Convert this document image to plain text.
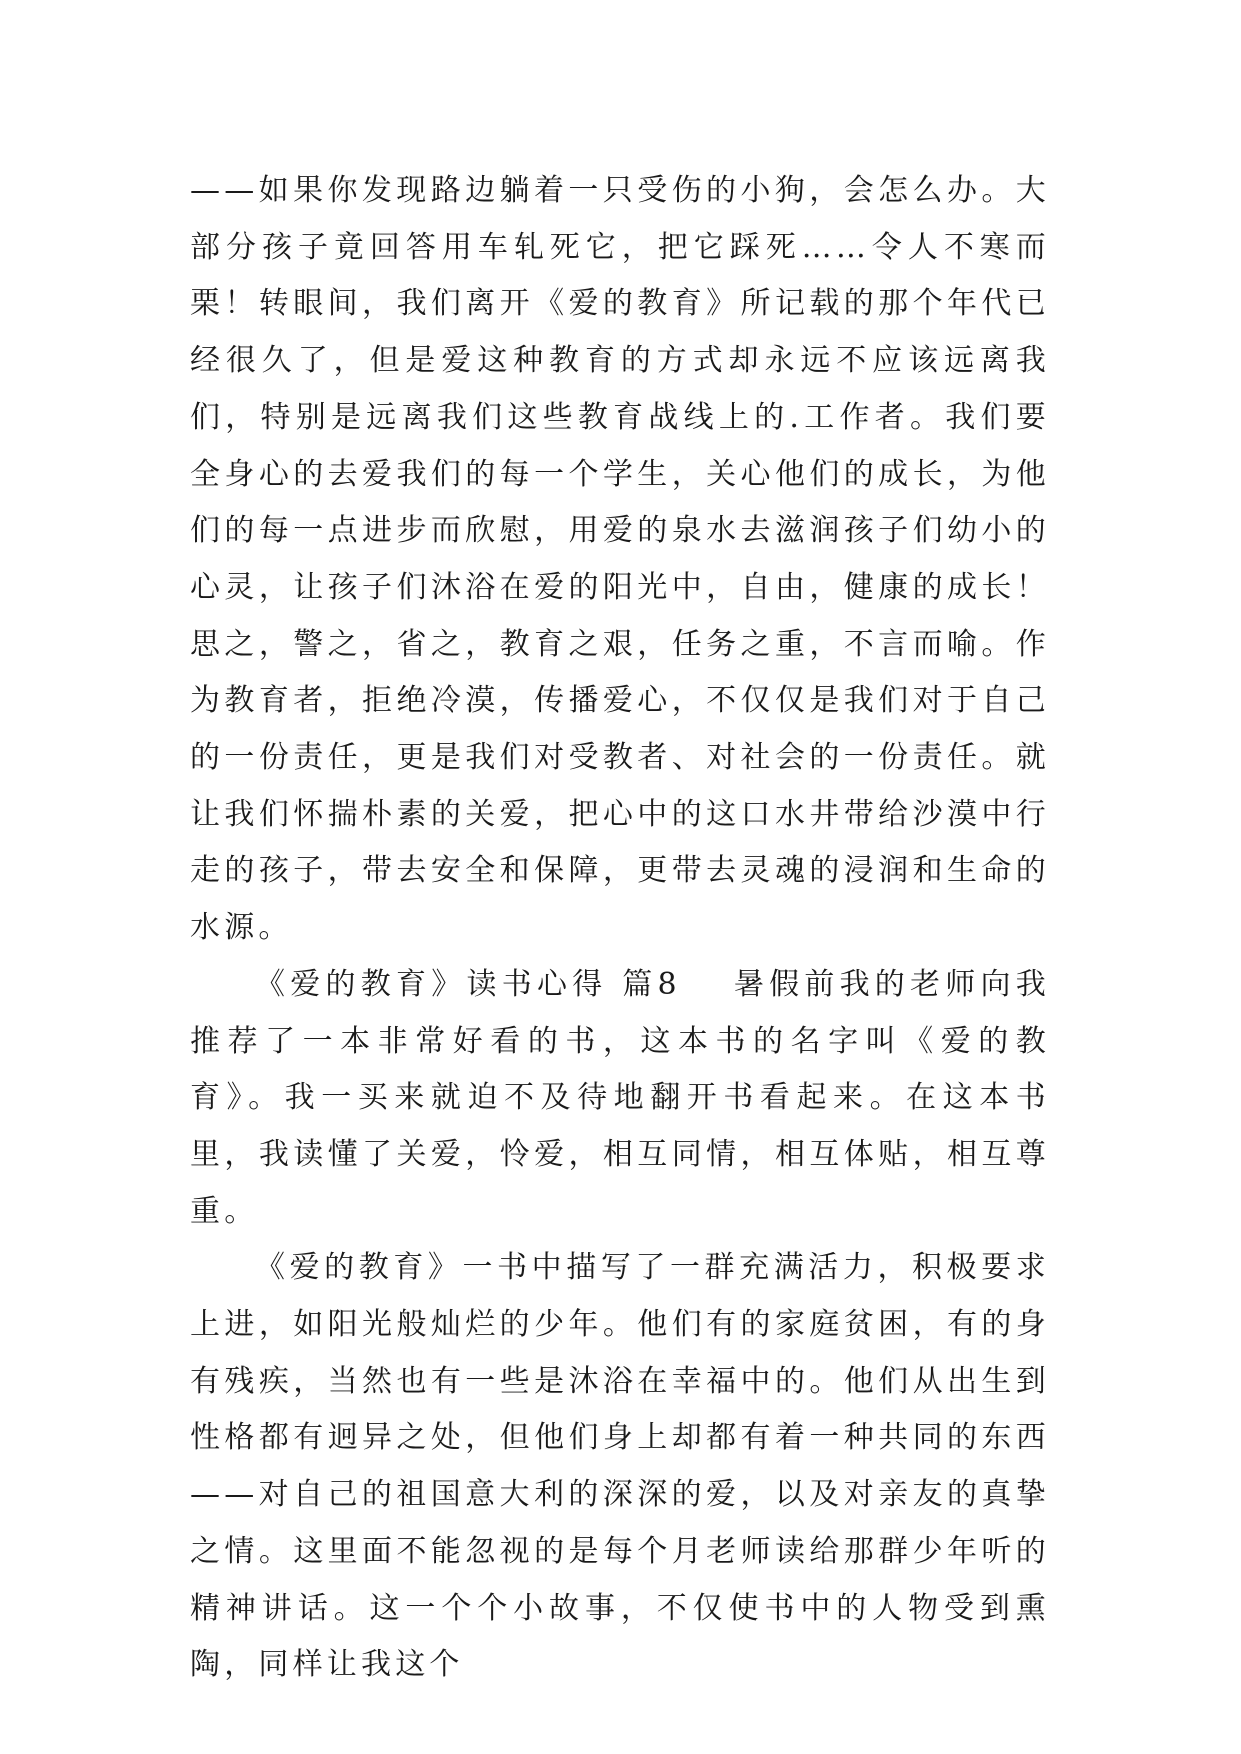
——如果你发现路边躺着一只受伤的小狗，会怎么办。大部分孩子竟回答用车轧死它，把它踩死……令人不寒而栗！转眼间，我们离开《爱的教育》所记载的那个年代已经很久了，但是爱这种教育的方式却永远不应该远离我们，特别是远离我们这些教育战线上的.工作者。我们要全身心的去爱我们的每一个学生，关心他们的成长，为他们的每一点进步而欣慰，用爱的泉水去滋润孩子们幼小的心灵，让孩子们沐浴在爱的阳光中，自由，健康的成长！思之，警之，省之，教育之艰，任务之重，不言而喻。作为教育者，拒绝冷漠，传播爱心，不仅仅是我们对于自己的一份责任，更是我们对受教者、对社会的一份责任。就让我们怀揣朴素的关爱，把心中的这口水井带给沙漠中行走的孩子，带去安全和保障，更带去灵魂的浸润和生命的水源。

《爱的教育》读书心得 篇8 暑假前我的老师向我推荐了一本非常好看的书，这本书的名字叫《爱的教育》。我一买来就迫不及待地翻开书看起来。在这本书里，我读懂了关爱，怜爱，相互同情，相互体贴，相互尊重。

《爱的教育》一书中描写了一群充满活力，积极要求上进，如阳光般灿烂的少年。他们有的家庭贫困，有的身有残疾，当然也有一些是沐浴在幸福中的。他们从出生到性格都有迥异之处，但他们身上却都有着一种共同的东西——对自己的祖国意大利的深深的爱，以及对亲友的真挚之情。这里面不能忽视的是每个月老师读给那群少年听的精神讲话。这一个个小故事，不仅使书中的人物受到熏陶，同样让我这个
